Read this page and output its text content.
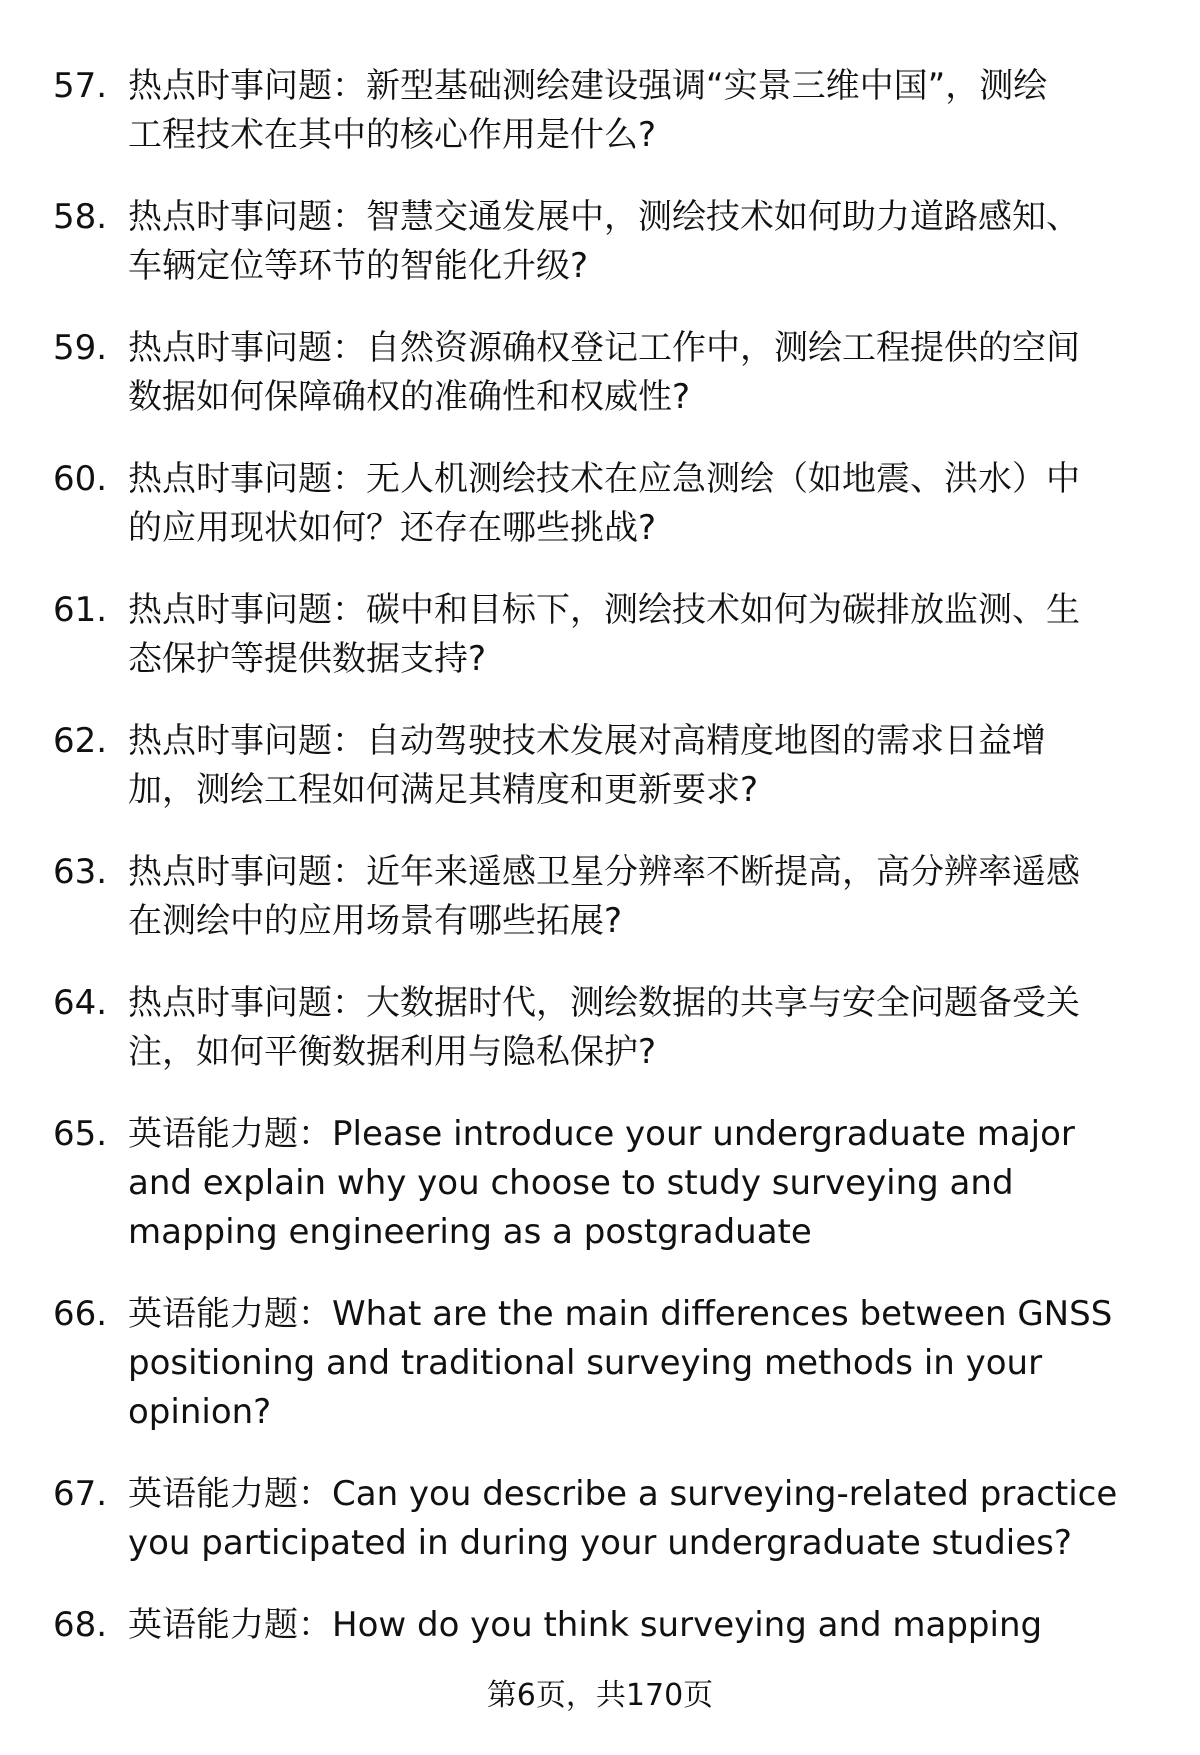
57. 热点时事问题：新型基础测绘建设强调“实景三维中国”，测绘
工程技术在其中的核心作用是什么?
58. 热点时事问题：智慧交通发展中，测绘技术如何助力道路感知、
车辆定位等环节的智能化升级?
59. 热点时事问题：自然资源确权登记工作中，测绘工程提供的空间
数据如何保障确权的准确性和权威性?
60. 热点时事问题：无人机测绘技术在应急测绘（如地震、洪水）中
的应用现状如何？还存在哪些挑战?
61. 热点时事问题：碳中和目标下，测绘技术如何为碳排放监测、生
态保护等提供数据支持?
62. 热点时事问题：自动驾驶技术发展对高精度地图的需求日益增
加，测绘工程如何满足其精度和更新要求?
63. 热点时事问题：近年来遥感卫星分辨率不断提高，高分辨率遥感
在测绘中的应用场景有哪些拓展?
64. 热点时事问题：大数据时代，测绘数据的共享与安全问题备受关
注，如何平衡数据利用与隐私保护?
65. 英语能力题：Please introduce your undergraduate major
and explain why you choose to study surveying and
mapping engineering as a postgraduate
66. 英语能力题：What are the main differences between GNSS
positioning and traditional surveying methods in your
opinion?
67. 英语能力题：Can you describe a surveying-related practice
you participated in during your undergraduate studies?
68. 英语能力题：How do you think surveying and mapping
第6页，共170页
